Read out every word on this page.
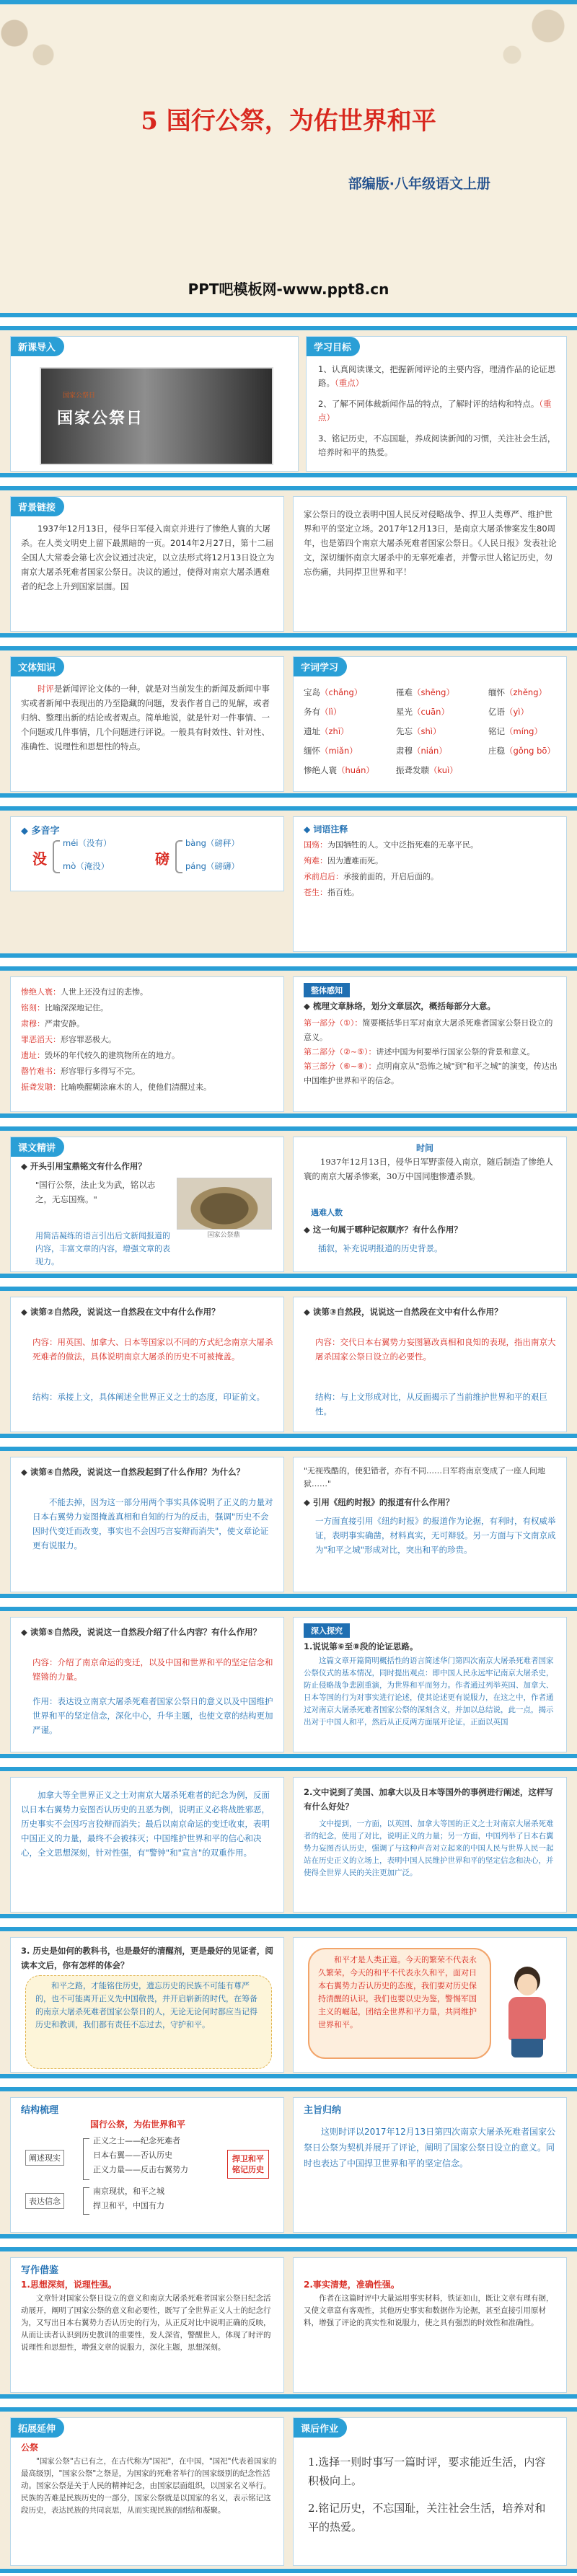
5 国行公祭，为佑世界和平
部编版·八年级语文上册
PPT吧模板网-www.ppt8.cn
新课导入
国家公祭日
国家公祭日
学习目标
1、认真阅读课文，把握新闻评论的主要内容，理清作品的论证思路。（重点）
2、了解不同体裁新闻作品的特点，了解时评的结构和特点。（重点）
3、铭记历史，不忘国耻，养成阅读新闻的习惯，关注社会生活，培养时和平的热爱。
背景链接
1937年12月13日，侵华日军侵入南京并进行了惨绝人寰的大屠杀。在人类文明史上留下最黑暗的一页。2014年2月27日，第十二届全国人大常委会第七次会议通过决定，以立法形式将12月13日设立为南京大屠杀死难者国家公祭日。决议的通过，使得对南京大屠杀遇难者的纪念上升到国家层面。国
家公祭日的设立表明中国人民反对侵略战争、捍卫人类尊严、维护世界和平的坚定立场。2017年12月13日，是南京大屠杀惨案发生80周年，也是第四个南京大屠杀死难者国家公祭日。《人民日报》发表社论文，深切缅怀南京大屠杀中的无辜死难者，并警示世人铭记历史，勿忘伤痛，共同捍卫世界和平！
文体知识
时评是新闻评论文体的一种，就是对当前发生的新闻及新闻中事实或者新闻中表现出的乃至隐藏的问题，发表作者自己的见解，或者归纳、整理出新的结论或者观点。简单地说，就是针对一件事情、一个问题或几件事情，几个问题进行评说。一般具有时效性、针对性、准确性、说理性和思想性的特点。
字词学习
宝岛（chǎng）	罹难（shēng）	缅怀（zhěng）
务有（lì）	星光（cuān）	亿语（yì）
遗址（zhī）	先忘（shì）	铭记（míng）
缅怀（miǎn）	肃穆（nián）	庄稳（gǒng bō）
惨绝人寰（huán）	振聋发聩（kuì）
◆ 多音字
没
méi（没有）
mò（淹没）	磅
bàng（磅秤）
páng（磅礴）
◆ 词语注释
国殇：为国牺牲的人。文中泛指死难的无辜平民。
殉难：因为遭难而死。
承前启后：承接前面的，开启后面的。
苍生：指百姓。
惨绝人寰：人世上还没有过的悲惨。
铭刻：比喻深深地记住。
肃穆：严肃安静。
罪恶滔天：形容罪恶极大。
遗址：毁坏的年代较久的建筑物所在的地方。
罄竹难书：形容罪行多得写不完。
振聋发聩：比喻唤醒糊涂麻木的人，使他们清醒过来。
整体感知
◆ 梳理文章脉络，划分文章层次，概括每部分大意。
第一部分（①）：简要概括华日军对南京大屠杀死难者国家公祭日设立的意义。
第二部分（②~⑤）：讲述中国为何要举行国家公祭的背景和意义。
第三部分（⑥~⑧）：点明南京从"恐怖之城"到"和平之城"的演变，传达出中国维护世界和平的信念。
课文精讲
◆ 开头引用宝鼎铭文有什么作用？
"国行公祭，法止戈为武，铭以志之，无忘国殇。"
国家公祭鼎
用简洁凝练的语言引出后文新闻报道的内容，丰富文章的内容，增强文章的表现力。
时间
1937年12月13日，侵华日军野蛮侵入南京，随后制造了惨绝人寰的南京大屠杀惨案，30万中国同胞惨遭杀戮。
遇难人数
◆ 这一句属于哪种记叙顺序？有什么作用？
插叙，补充说明报道的历史背景。
◆ 读第②自然段，说说这一自然段在文中有什么作用？
内容：用英国、加拿大、日本等国家以不同的方式纪念南京大屠杀死难者的做法，具体说明南京大屠杀的历史不可被掩盖。
结构：承接上文，具体阐述全世界正义之士的态度，印证前文。
◆ 读第③自然段，说说这一自然段在文中有什么作用？
内容：交代日本右翼势力妄图篡改真相和良知的表现，指出南京大屠杀国家公祭日设立的必要性。
结构：与上文形成对比，从反面揭示了当前维护世界和平的艰巨性。
◆ 读第④自然段，说说这一自然段起到了什么作用？为什么？
不能去掉，因为这一部分用两个事实具体说明了正义的力量对日本右翼势力妄图掩盖真相和自知的行为的反击，强调"历史不会因时代变迁而改变，事实也不会因巧言妄辩而消失"，使文章论证更有说服力。
"无视残酷的，使犯错者，亦有不同……日军将南京变成了一座人间地狱……"
◆ 引用《纽约时报》的报道有什么作用？
一方面直接引用《纽约时报》的报道作为论据，有利时，有权威举证，表明事实确凿，材料真实，无可辩驳。另一方面与下文南京成为"和平之城"形成对比，突出和平的珍贵。
◆ 读第⑤自然段，说说这一自然段介绍了什么内容？有什么作用？
内容：介绍了南京命运的变迁，以及中国和世界和平的坚定信念和铿锵的力量。
作用：表达设立南京大屠杀死难者国家公祭日的意义以及中国维护世界和平的坚定信念，深化中心，升华主题，也使文章的结构更加严谨。
深入探究
1.说说第⑥至⑧段的论证思路。
这篇文章开篇简明概括性的语言简述华门第四次南京大屠杀死难者国家公祭仪式的基本情况，同时提出观点：即中国人民永远牢记南京大屠杀史，防止侵略战争悲剧重演，为世界和平而努力。作者通过列举英国、加拿大、日本等国的行为对事实进行论述，使其论述更有说服力，在这之中，作者通过对南京大屠杀死难者国家公祭的深刻含义，并加以总结说，此一点，揭示出对于中国人和平，然后从正反两方面展开论证，正面以英国
加拿大等全世界正义之士对南京大屠杀死难者的纪念为例，反面以日本右翼势力妄图否认历史的丑恶为例，说明正义必将战胜邪恶，历史事实不会因巧言狡辩而消失；最后以南京命运的变迁收束，表明中国正义的力量，最终不会被抹灭；中国维护世界和平的信心和决心，全文思想深刻，针对性强，有"警钟"和"宣言"的双重作用。
2.文中说到了美国、加拿大以及日本等国外的事例进行阐述，这样写有什么好处？
文中提到，一方面，以英国、加拿大等国的正义之士对南京大屠杀死难者的纪念，使用了对比，说明正义的力量；另一方面，中国列举了日本右翼势力妄图否认历史，强调了与这种声音对立起来的中国人民与世界人民一起站在历史正义的立场上，表明中国人民维护世界和平的坚定信念和决心，并使得全世界人民的关注更加广泛。
3. 历史是如何的教科书，也是最好的清醒剂，更是最好的见证者，阅读本文后，你有怎样的体会？
和平之路，才能铭住历史，遗忘历史的民族不可能有尊严的，也不可能离开正义先中国敬畏，并开启崭新的时代，在筹备的南京大屠杀死难者国家公祭日的人，无论无论何时都应当记得历史和教训，我们都有责任不忘过去，守护和平。
和平才是人类正道。今天的繁荣不代表永久繁荣，今天的和平不代表永久和平，面对日本右翼势力否认历史的态度，我们要对历史保持清醒的认识，我们也要以史为鉴，警惕军国主义的崛起，团结全世界和平力量，共同维护世界和平。
结构梳理
国行公祭，为佑世界和平
阐述现实
表达信念
正义之士——纪念死难者
日本右翼——否认历史
正义力量——反击右翼势力
南京现状，和平之城
捍卫和平，中国有力
捍卫和平铭记历史
主旨归纳
这则时评以2017年12月13日第四次南京大屠杀死难者国家公祭日公祭为契机并展开了评论，阐明了国家公祭日设立的意义。同时也表达了中国捍卫世界和平的坚定信念。
写作借鉴
1.思想深刻，说理性强。
文章针对国家公祭日设立的意义和南京大屠杀死难者国家公祭日纪念活动展开，阐明了国家公祭的意义和必要性，既写了全世界正义人士的纪念行为，又写出日本右翼势力否认历史的行为，从正反对比中说明正确的反映，从而让读者认识到历史教训的重要性，发人深省，警醒世人，体现了时评的说理性和思想性，增强文章的说服力，深化主题，思想深刻。
2.事实清楚，准确性强。
作者在这篇时评中大量运用事实材料，铁证如山，既让文章有理有据，又使文章富有客观性，其他历史事实和数据作为论据，甚至直接引用原材料，增强了评论的真实性和说服力，使之具有强烈的时效性和准确性。
拓展延伸
公祭
"国家公祭"古已有之，在古代称为"国祀"，在中国，"国祀"代表着国家的最高级别，"国家公祭"之祭是，为国家的死难者举行的国家级别的纪念性活动。国家公祭是关于人民的精神纪念，由国家层面组织，以国家名义举行。民族的苦难是民族历史的一部分，国家公祭就是以国家的名义，表示铭记这段历史，表达民族的共同哀思，从而实现民族的团结和凝聚。
课后作业
1.选择一则时事写一篇时评，要求能近生活，内容积极向上。
2.铭记历史，不忘国耻，关注社会生活，培养对和平的热爱。
